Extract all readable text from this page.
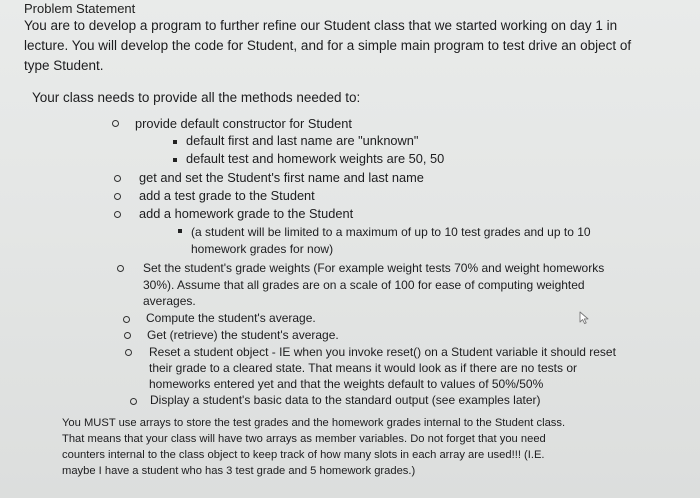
Problem Statement
You are to develop a program to further refine our Student class that we started working on day 1 in
lecture. You will develop the code for Student, and for a simple main program to test drive an object of
type Student.
Your class needs to provide all the methods needed to:
provide default constructor for Student
default first and last name are "unknown"
default test and homework weights are 50, 50
get and set the Student's first name and last name
add a test grade to the Student
add a homework grade to the Student
(a student will be limited to a maximum of up to 10 test grades and up to 10
homework grades for now)
Set the student's grade weights (For example weight tests 70% and weight homeworks
30%). Assume that all grades are on a scale of 100 for ease of computing weighted
averages.
Compute the student's average.
Get (retrieve) the student's average.
Reset a student object - IE when you invoke reset() on a Student variable it should reset
their grade to a cleared state. That means it would look as if there are no tests or
homeworks entered yet and that the weights default to values of 50%/50%
Display a student's basic data to the standard output (see examples later)
You MUST use arrays to store the test grades and the homework grades internal to the Student class.
That means that your class will have two arrays as member variables. Do not forget that you need
counters internal to the class object to keep track of how many slots in each array are used!!! (I.E.
maybe I have a student who has 3 test grade and 5 homework grades.)
